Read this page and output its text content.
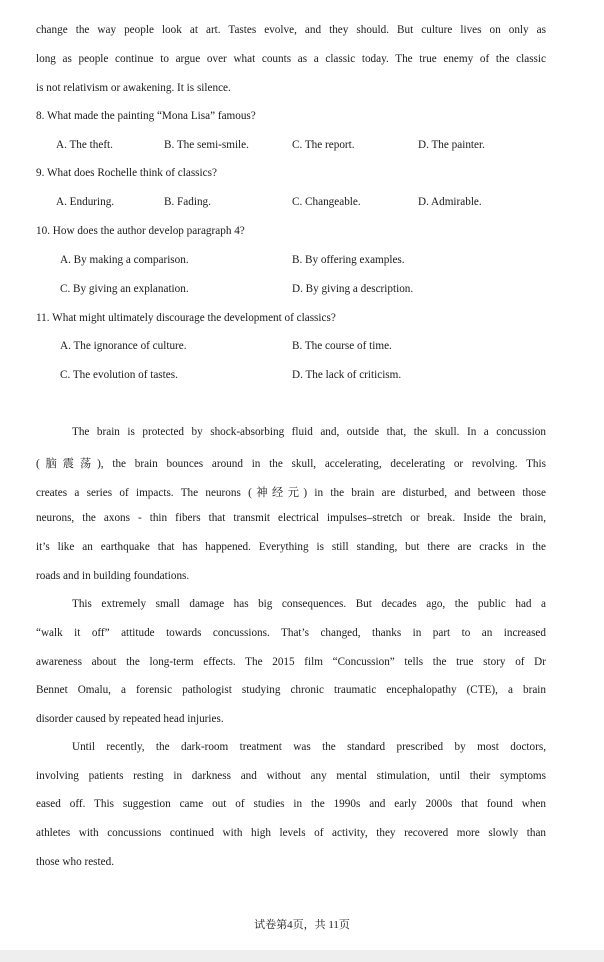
change the way people look at art. Tastes evolve, and they should. But culture lives on only as
long as people continue to argue over what counts as a classic today. The true enemy of the classic
is not relativism or awakening. It is silence.
8. What made the painting “Mona Lisa” famous?
A. The theft.	B. The semi-smile.	C. The report.	D. The painter.
9. What does Rochelle think of classics?
A. Enduring.	B. Fading.	C. Changeable.	D. Admirable.
10. How does the author develop paragraph 4?
A. By making a comparison.	B. By offering examples.
C. By giving an explanation.	D. By giving a description.
11. What might ultimately discourage the development of classics?
A. The ignorance of culture.	B. The course of time.
C. The evolution of tastes.	D. The lack of criticism.
The brain is protected by shock-absorbing fluid and, outside that, the skull. In a concussion
(脑震荡), the brain bounces around in the skull, accelerating, decelerating or revolving. This
creates a series of impacts. The neurons (神经元) in the brain are disturbed, and between those
neurons, the axons - thin fibers that transmit electrical impulses–stretch or break. Inside the brain,
it’s like an earthquake that has happened. Everything is still standing, but there are cracks in the
roads and in building foundations.
This extremely small damage has big consequences. But decades ago, the public had a
“walk it off” attitude towards concussions. That’s changed, thanks in part to an increased
awareness about the long-term effects. The 2015 film “Concussion” tells the true story of Dr
Bennet Omalu, a forensic pathologist studying chronic traumatic encephalopathy (CTE), a brain
disorder caused by repeated head injuries.
Until recently, the dark-room treatment was the standard prescribed by most doctors,
involving patients resting in darkness and without any mental stimulation, until their symptoms
eased off. This suggestion came out of studies in the 1990s and early 2000s that found when
athletes with concussions continued with high levels of activity, they recovered more slowly than
those who rested.
试卷第4页，共 11页
